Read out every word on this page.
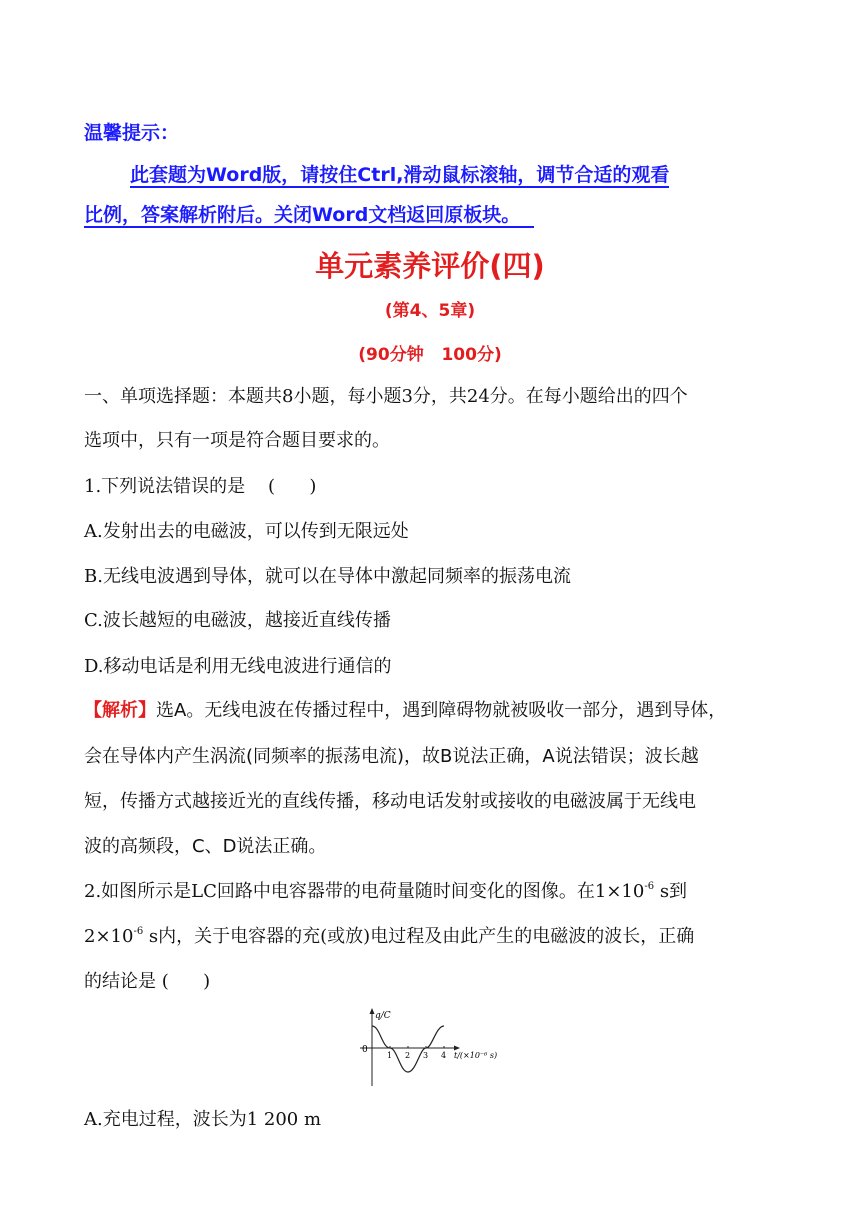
温馨提示：
此套题为Word版，请按住Ctrl,滑动鼠标滚轴，调节合适的观看
比例，答案解析附后。关闭Word文档返回原板块。
单元素养评价(四)
(第4、5章)
(90分钟   100分)

一、单项选择题：本题共8小题，每小题3分，共24分。在每小题给出的四个

选项中，只有一项是符合题目要求的。

1.下列说法错误的是    (      )

A.发射出去的电磁波，可以传到无限远处

B.无线电波遇到导体，就可以在导体中激起同频率的振荡电流

C.波长越短的电磁波，越接近直线传播

D.移动电话是利用无线电波进行通信的

【解析】选A。无线电波在传播过程中，遇到障碍物就被吸收一部分，遇到导体，

会在导体内产生涡流(同频率的振荡电流)，故B说法正确，A说法错误；波长越

短，传播方式越接近光的直线传播，移动电话发射或接收的电磁波属于无线电

波的高频段，C、D说法正确。

2.如图所示是LC回路中电容器带的电荷量随时间变化的图像。在$1\times 10^{-6}$ s到

$2\times 10^{-6}$ s内，关于电容器的充(或放)电过程及由此产生的电磁波的波长，正确

的结论是 (      )

q/C
0
1 2 3 4 t/(×10⁻⁶ s)

A.充电过程，波长为1 200 m
